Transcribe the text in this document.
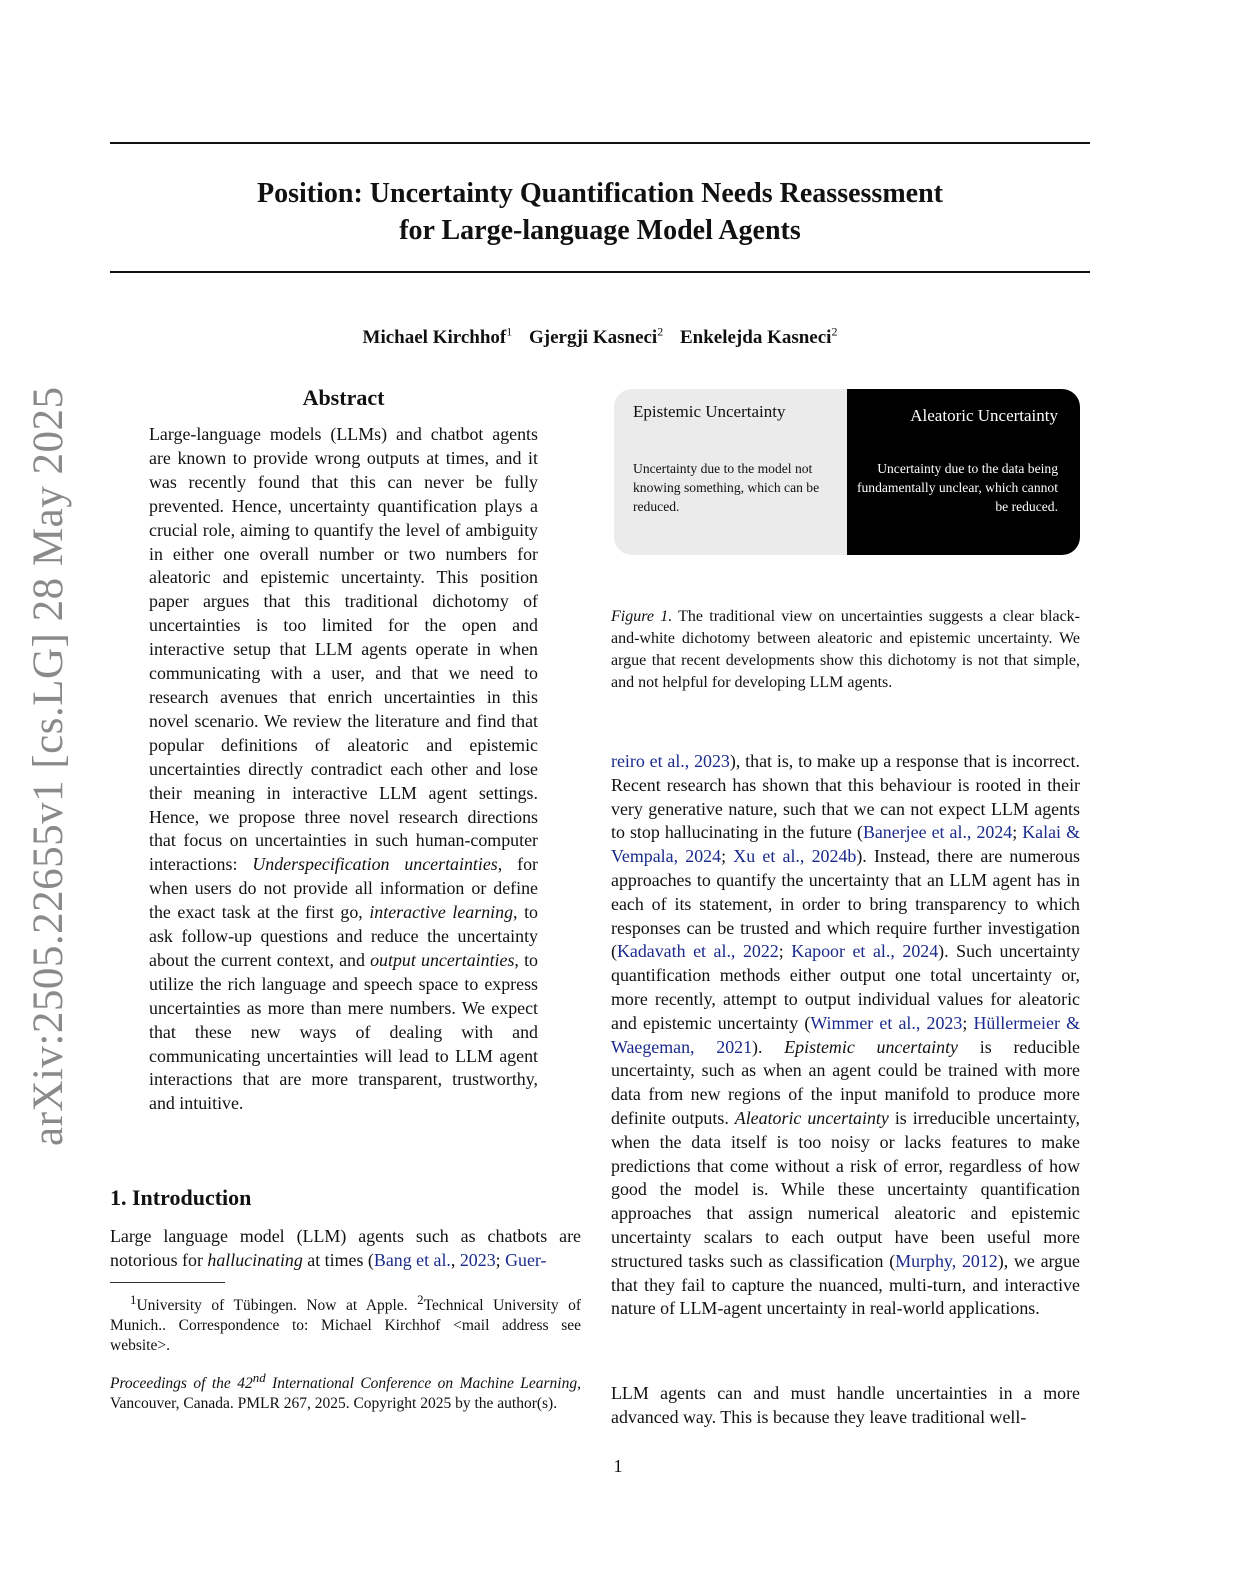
arXiv:2505.22655v1 [cs.LG] 28 May 2025
Position: Uncertainty Quantification Needs Reassessment
for Large-language Model Agents
Michael Kirchhof$^1$ Gjergji Kasneci$^2$ Enkelejda Kasneci$^2$
Abstract

Large-language models (LLMs) and chatbot agents are known to provide wrong outputs at times, and it was recently found that this can never be fully prevented. Hence, uncertainty quantification plays a crucial role, aiming to quantify the level of ambiguity in either one overall number or two numbers for aleatoric and epistemic uncertainty. This position paper argues that this traditional dichotomy of uncertainties is too limited for the open and interactive setup that LLM agents operate in when communicating with a user, and that we need to research avenues that enrich uncertainties in this novel scenario. We review the literature and find that popular definitions of aleatoric and epistemic uncertainties directly contradict each other and lose their meaning in interactive LLM agent settings. Hence, we propose three novel research directions that focus on uncertainties in such human-computer interactions: Underspecification uncertainties, for when users do not provide all information or define the exact task at the first go, interactive learning, to ask follow-up questions and reduce the uncertainty about the current context, and output uncertainties, to utilize the rich language and speech space to express uncertainties as more than mere numbers. We expect that these new ways of dealing with and communicating uncertainties will lead to LLM agent interactions that are more transparent, trustworthy, and intuitive.

1. Introduction

Large language model (LLM) agents such as chatbots are notorious for hallucinating at times (Bang et al., 2023; Guer-

$^1$University of Tübingen. Now at Apple. $^2$Technical University of Munich.. Correspondence to: Michael Kirchhof <mail address see website>.

Proceedings of the 42nd International Conference on Machine Learning, Vancouver, Canada. PMLR 267, 2025. Copyright 2025 by the author(s).

Epistemic Uncertainty
Uncertainty due to the model not knowing something, which can be reduced.
Aleatoric Uncertainty
Uncertainty due to the data being fundamentally unclear, which cannot be reduced.

Figure 1. The traditional view on uncertainties suggests a clear black-and-white dichotomy between aleatoric and epistemic uncertainty. We argue that recent developments show this dichotomy is not that simple, and not helpful for developing LLM agents.

reiro et al., 2023), that is, to make up a response that is incorrect. Recent research has shown that this behaviour is rooted in their very generative nature, such that we can not expect LLM agents to stop hallucinating in the future (Banerjee et al., 2024; Kalai & Vempala, 2024; Xu et al., 2024b). Instead, there are numerous approaches to quantify the uncertainty that an LLM agent has in each of its statement, in order to bring transparency to which responses can be trusted and which require further investigation (Kadavath et al., 2022; Kapoor et al., 2024). Such uncertainty quantification methods either output one total uncertainty or, more recently, attempt to output individual values for aleatoric and epistemic uncertainty (Wimmer et al., 2023; Hüllermeier & Waegeman, 2021). Epistemic uncertainty is reducible uncertainty, such as when an agent could be trained with more data from new regions of the input manifold to produce more definite outputs. Aleatoric uncertainty is irreducible uncertainty, when the data itself is too noisy or lacks features to make predictions that come without a risk of error, regardless of how good the model is. While these uncertainty quantification approaches that assign numerical aleatoric and epistemic uncertainty scalars to each output have been useful more structured tasks such as classification (Murphy, 2012), we argue that they fail to capture the nuanced, multi-turn, and interactive nature of LLM-agent uncertainty in real-world applications.

LLM agents can and must handle uncertainties in a more advanced way. This is because they leave traditional well-

1
